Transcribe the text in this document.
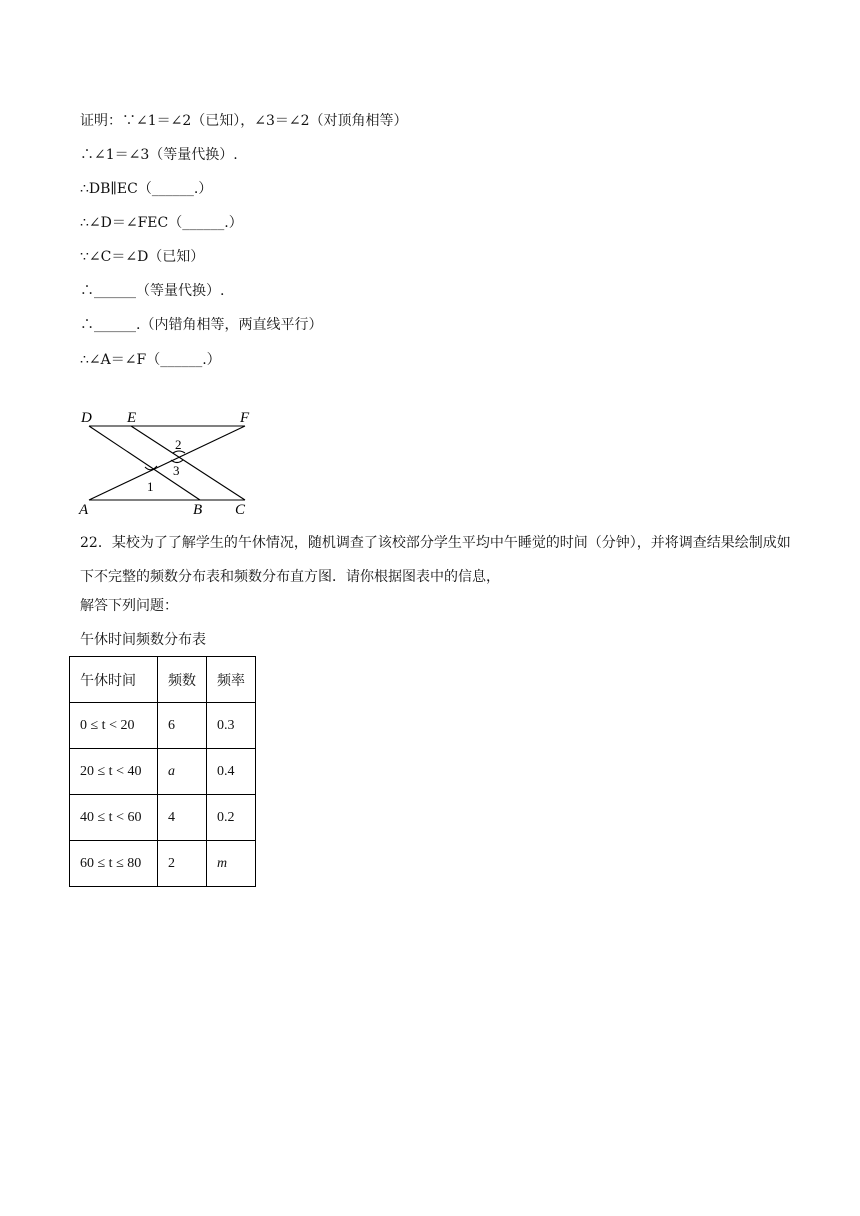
证明：∵∠1＝∠2（已知），∠3＝∠2（对顶角相等）
∴∠1＝∠3（等量代换）.
∴DB∥EC（______.）
∴∠D＝∠FEC（______.）
∵∠C＝∠D（已知）
∴______（等量代换）.
∴______.（内错角相等，两直线平行）
∴∠A＝∠F（______.）
D E	F
2
3
1
A	B C
22．某校为了了解学生的午休情况，随机调查了该校部分学生平均中午睡觉的时间（分钟），并将调查结果绘制成如下不完整的频数分布表和频数分布直方图．请你根据图表中的信息，
解答下列问题：
午休时间频数分布表
午休时间	频数	频率
0 ≤ t < 20	6	0.3
20 ≤ t < 40	a	0.4
40 ≤ t < 60	4	0.2
60 ≤ t ≤ 80	2	m
